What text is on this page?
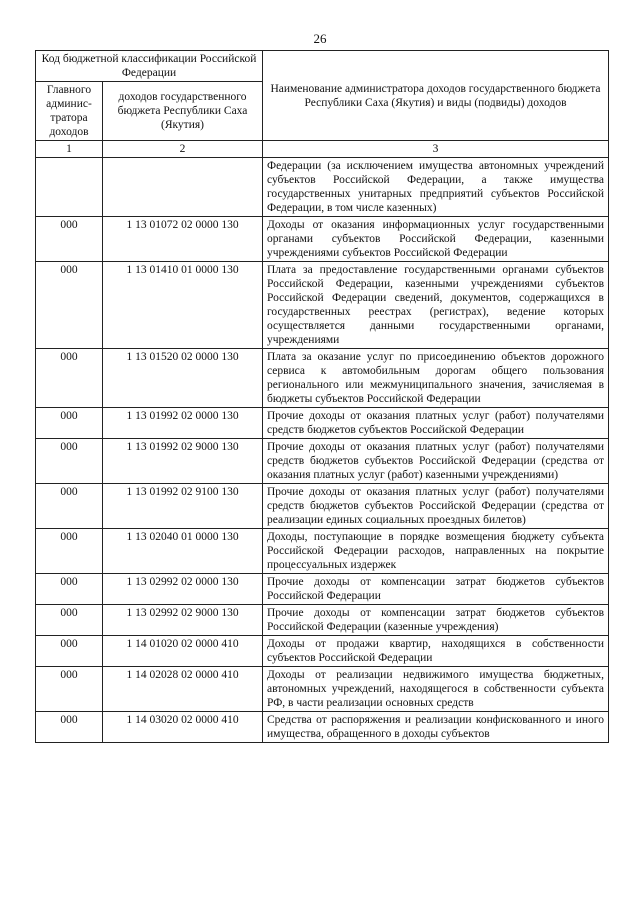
26
Код бюджетной классификации Российской Федерации		Наименование администратора доходов государственного бюджета Республики Саха (Якутия) и виды (подвиды) доходов
Главного админис-тратора доходов	доходов государственного бюджета Республики Саха (Якутия)	
1	2	3
		Федерации (за исключением имущества автономных учреждений субъектов Российской Федерации, а также имущества государственных унитарных предприятий субъектов Российской Федерации, в том числе казенных)
000	1 13 01072 02 0000 130	Доходы от оказания информационных услуг государственными органами субъектов Российской Федерации, казенными учреждениями субъектов Российской Федерации
000	1 13 01410 01 0000 130	Плата за предоставление государственными органами субъектов Российской Федерации, казенными учреждениями субъектов Российской Федерации сведений, документов, содержащихся в государственных реестрах (регистрах), ведение которых осуществляется данными государственными органами, учреждениями
000	1 13 01520 02 0000 130	Плата за оказание услуг по присоединению объектов дорожного сервиса к автомобильным дорогам общего пользования регионального или межмуниципального значения, зачисляемая в бюджеты субъектов Российской Федерации
000	1 13 01992 02 0000 130	Прочие доходы от оказания платных услуг (работ) получателями средств бюджетов субъектов Российской Федерации
000	1 13 01992 02 9000 130	Прочие доходы от оказания платных услуг (работ) получателями средств бюджетов субъектов Российской Федерации (средства от оказания платных услуг (работ) казенными учреждениями)
000	1 13 01992 02 9100 130	Прочие доходы от оказания платных услуг (работ) получателями средств бюджетов субъектов Российской Федерации (средства от реализации единых социальных проездных билетов)
000	1 13 02040 01 0000 130	Доходы, поступающие в порядке возмещения бюджету субъекта Российской Федерации расходов, направленных на покрытие процессуальных издержек
000	1 13 02992 02 0000 130	Прочие доходы от компенсации затрат бюджетов субъектов Российской Федерации
000	1 13 02992 02 9000 130	Прочие доходы от компенсации затрат бюджетов субъектов Российской Федерации (казенные учреждения)
000	1 14 01020 02 0000 410	Доходы от продажи квартир, находящихся в собственности субъектов Российской Федерации
000	1 14 02028 02 0000 410	Доходы от реализации недвижимого имущества бюджетных, автономных учреждений, находящегося в собственности субъекта РФ, в части реализации основных средств
000	1 14 03020 02 0000 410	Средства от распоряжения и реализации конфискованного и иного имущества, обращенного в доходы субъектов
